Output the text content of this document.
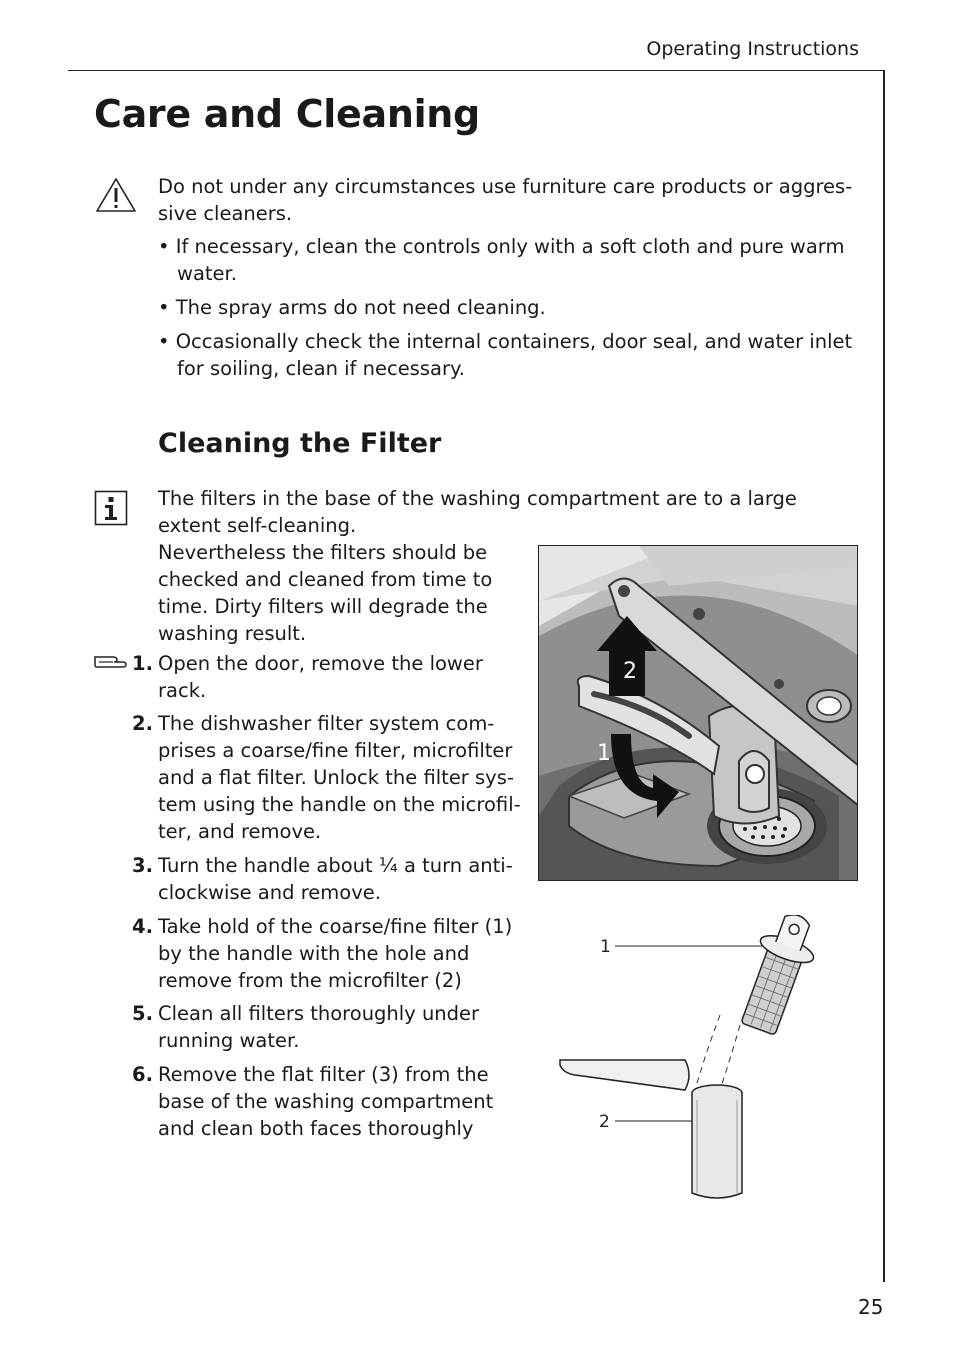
Operating Instructions
25
Care and Cleaning
Do not under any circumstances use furniture care products or aggres-
sive cleaners.
• If necessary, clean the controls only with a soft cloth and pure warm
water.
• The spray arms do not need cleaning.
• Occasionally check the internal containers, door seal, and water inlet
for soiling, clean if necessary.
Cleaning the Filter
The filters in the base of the washing compartment are to a large
extent self-cleaning.
Nevertheless the filters should be
checked and cleaned from time to
time. Dirty filters will degrade the
washing result.
1. Open the door, remove the lower
rack.
2. The dishwasher filter system com-
prises a coarse/fine filter, microfilter
and a flat filter. Unlock the filter sys-
tem using the handle on the microfil-
ter, and remove.
3. Turn the handle about ¼ a turn anti-
clockwise and remove.
4. Take hold of the coarse/fine filter (1)
by the handle with the hole and
remove from the microfilter (2)
5. Clean all filters thoroughly under
running water.
6. Remove the flat filter (3) from the
base of the washing compartment
and clean both faces thoroughly
2
1
1
2
